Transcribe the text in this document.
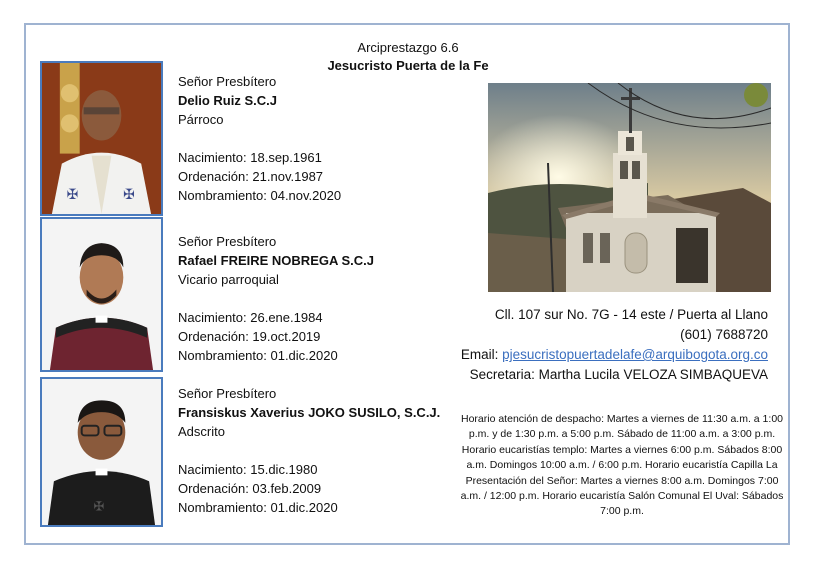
Arciprestazgo 6.6
Jesucristo Puerta de la Fe
✠	✠
✠
Señor Presbítero
Delio Ruiz S.C.J
Párroco
Nacimiento: 18.sep.1961
Ordenación: 21.nov.1987
Nombramiento: 04.nov.2020
Señor Presbítero
Rafael FREIRE NOBREGA S.C.J
Vicario parroquial
Nacimiento: 26.ene.1984
Ordenación: 19.oct.2019
Nombramiento: 01.dic.2020
Señor Presbítero
Fransiskus Xaverius JOKO SUSILO, S.C.J.
Adscrito
Nacimiento: 15.dic.1980
Ordenación: 03.feb.2009
Nombramiento: 01.dic.2020
Cll. 107 sur No. 7G - 14 este / Puerta al Llano
(601) 7688720
Email: pjesucristopuertadelafe@arquibogota.org.co
Secretaria: Martha Lucila VELOZA SIMBAQUEVA
Horario atención de despacho: Martes a viernes de 11:30 a.m. a 1:00 p.m. y de 1:30 p.m. a 5:00 p.m. Sábado de 11:00 a.m. a 3:00 p.m. Horario eucaristías templo: Martes a viernes 6:00 p.m. Sábados 8:00 a.m. Domingos 10:00 a.m. / 6:00 p.m. Horario eucaristía Capilla La Presentación del Señor: Martes a viernes 8:00 a.m. Domingos 7:00 a.m. / 12:00 p.m. Horario eucaristía Salón Comunal El Uval: Sábados 7:00 p.m.
